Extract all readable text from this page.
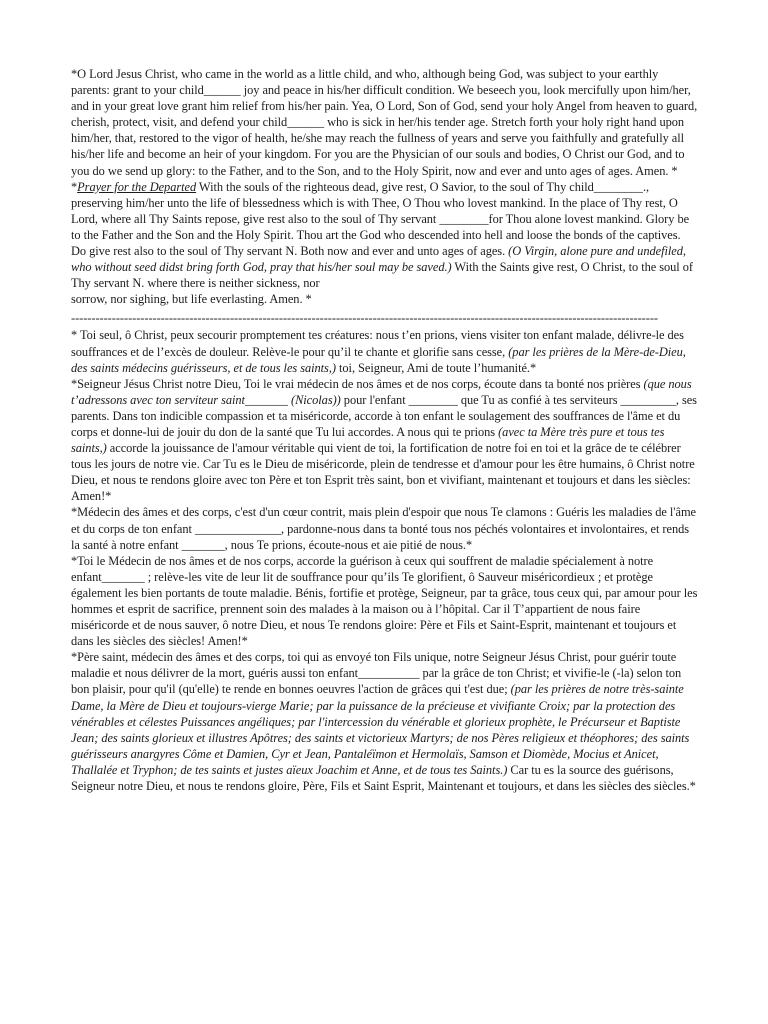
*O Lord Jesus Christ, who came in the world as a little child, and who, although being God, was subject to your earthly parents: grant to your child______ joy and peace in his/her difficult condition. We beseech you, look mercifully upon him/her, and in your great love grant him relief from his/her pain. Yea, O Lord, Son of God, send your holy Angel from heaven to guard, cherish, protect, visit, and defend your child______ who is sick in her/his tender age. Stretch forth your holy right hand upon him/her, that, restored to the vigor of health, he/she may reach the fullness of years and serve you faithfully and gratefully all his/her life and become an heir of your kingdom. For you are the Physician of our souls and bodies, O Christ our God, and to you do we send up glory: to the Father, and to the Son, and to the Holy Spirit, now and ever and unto ages of ages. Amen. *

*Prayer for the Departed With the souls of the righteous dead, give rest, O Savior, to the soul of Thy child________., preserving him/her unto the life of blessedness which is with Thee, O Thou who lovest mankind. In the place of Thy rest, O Lord, where all Thy Saints repose, give rest also to the soul of Thy servant ________for Thou alone lovest mankind. Glory be to the Father and the Son and the Holy Spirit. Thou art the God who descended into hell and loose the bonds of the captives. Do give rest also to the soul of Thy servant N. Both now and ever and unto ages of ages. (O Virgin, alone pure and undefiled, who without seed didst bring forth God, pray that his/her soul may be saved.) With the Saints give rest, O Christ, to the soul of Thy servant N. where there is neither sickness, nor

sorrow, nor sighing, but life everlasting. Amen. *

------------------------------------------------------------------------------------------------------------------------------------------------

* Toi seul, ô Christ, peux secourir promptement tes créatures: nous t’en prions, viens visiter ton enfant malade, délivre-le des souffrances et de l’excès de douleur. Relève-le pour qu’il te chante et glorifie sans cesse, (par les prières de la Mère-de-Dieu, des saints médecins guérisseurs, et de tous les saints,) toi, Seigneur, Ami de toute l’humanité.*

*Seigneur Jésus Christ notre Dieu, Toi le vrai médecin de nos âmes et de nos corps, écoute dans ta bonté nos prières (que nous t’adressons avec ton serviteur saint_______ (Nicolas)) pour l'enfant ________ que Tu as confié à tes serviteurs _________, ses parents. Dans ton indicible compassion et ta miséricorde, accorde à ton enfant le soulagement des souffrances de l'âme et du corps et donne-lui de jouir du don de la santé que Tu lui accordes. A nous qui te prions (avec ta Mère très pure et tous tes saints,) accorde la jouissance de l'amour véritable qui vient de toi, la fortification de notre foi en toi et la grâce de te célébrer tous les jours de notre vie. Car Tu es le Dieu de miséricorde, plein de tendresse et d'amour pour les être humains, ô Christ notre Dieu, et nous te rendons gloire avec ton Père et ton Esprit très saint, bon et vivifiant, maintenant et toujours et dans les siècles: Amen!*

*Médecin des âmes et des corps, c'est d'un cœur contrit, mais plein d'espoir que nous Te clamons : Guéris les maladies de l'âme et du corps de ton enfant ______________, pardonne-nous dans ta bonté tous nos péchés volontaires et involontaires, et rends la santé à notre enfant _______, nous Te prions, écoute-nous et aie pitié de nous.*

*Toi le Médecin de nos âmes et de nos corps, accorde la guérison à ceux qui souffrent de maladie spécialement à notre enfant_______ ; relève-les vite de leur lit de souffrance pour qu’ils Te glorifient, ô Sauveur miséricordieux ; et protège également les bien portants de toute maladie. Bénis, fortifie et protège, Seigneur, par ta grâce, tous ceux qui, par amour pour les hommes et esprit de sacrifice, prennent soin des malades à la maison ou à l’hôpital. Car il T’appartient de nous faire miséricorde et de nous sauver, ô notre Dieu, et nous Te rendons gloire: Père et Fils et Saint-Esprit, maintenant et toujours et dans les siècles des siècles! Amen!*

*Père saint, médecin des âmes et des corps, toi qui as envoyé ton Fils unique, notre Seigneur Jésus Christ, pour guérir toute maladie et nous délivrer de la mort, guéris aussi ton enfant__________ par la grâce de ton Christ; et vivifie-le (-la) selon ton bon plaisir, pour qu'il (qu'elle) te rende en bonnes oeuvres l'action de grâces qui t'est due; (par les prières de notre très-sainte Dame, la Mère de Dieu et toujours-vierge Marie; par la puissance de la précieuse et vivifiante Croix; par la protection des vénérables et célestes Puissances angéliques; par l'intercession du vénérable et glorieux prophète, le Précurseur et Baptiste Jean; des saints glorieux et illustres Apôtres; des saints et victorieux Martyrs; de nos Pères religieux et théophores; des saints guérisseurs anargyres Côme et Damien, Cyr et Jean, Pantaléïmon et Hermolaïs, Samson et Diomède, Mocius et Anicet, Thallalée et Tryphon; de tes saints et justes aïeux Joachim et Anne, et de tous tes Saints.) Car tu es la source des guérisons, Seigneur notre Dieu, et nous te rendons gloire, Père, Fils et Saint Esprit, Maintenant et toujours, et dans les siècles des siècles.*
